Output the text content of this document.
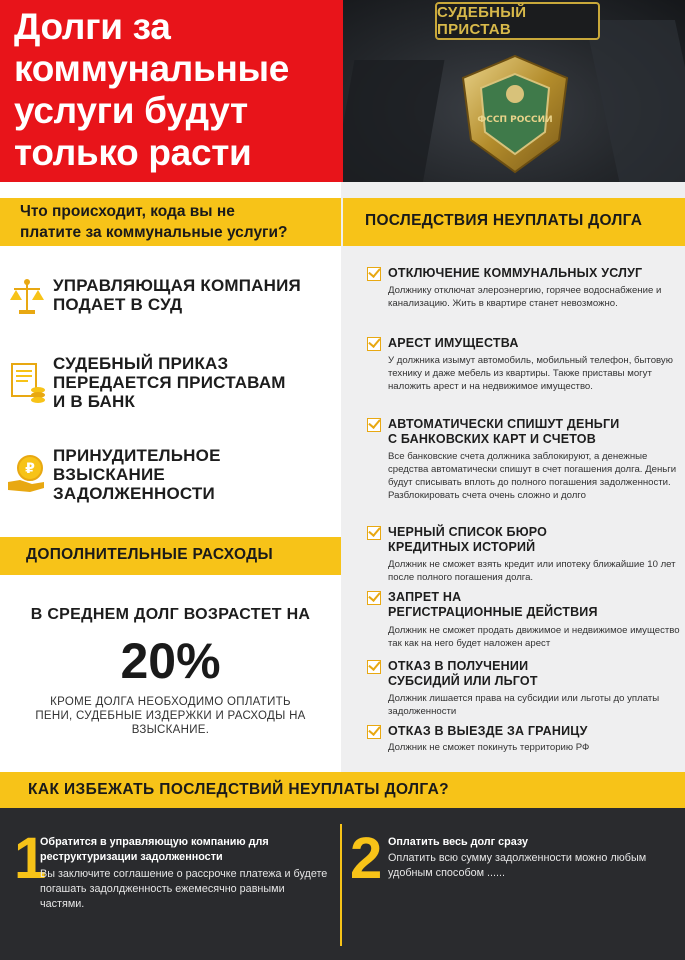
Долги за
коммунальные
услуги будут
только расти
СУДЕБНЫЙ ПРИСТАВ
ФССП РОССИИ
Что происходит, кода вы не
платите за коммунальные услуги?
УПРАВЛЯЮЩАЯ КОМПАНИЯ
ПОДАЕТ В СУД
СУДЕБНЫЙ ПРИКАЗ
ПЕРЕДАЕТСЯ ПРИСТАВАМ
И В БАНК
₽
ПРИНУДИТЕЛЬНОЕ
ВЗЫСКАНИЕ
ЗАДОЛЖЕННОСТИ
ДОПОЛНИТЕЛЬНЫЕ РАСХОДЫ
В СРЕДНЕМ ДОЛГ ВОЗРАСТЕТ НА
20%
КРОМЕ ДОЛГА НЕОБХОДИМО ОПЛАТИТЬ ПЕНИ, СУДЕБНЫЕ ИЗДЕРЖКИ И РАСХОДЫ НА ВЗЫСКАНИЕ.
ПОСЛЕДСТВИЯ НЕУПЛАТЫ ДОЛГА
ОТКЛЮЧЕНИЕ КОММУНАЛЬНЫХ УСЛУГ
Должнику отключат элероэнергию, горячее водоснабжение и канализацию. Жить в квартире станет невозможно.
АРЕСТ ИМУЩЕСТВА
У должника изымут автомобиль, мобильный телефон, бытовую технику и даже мебель из квартиры. Также приставы могут наложить арест и на недвижимое имущество.
АВТОМАТИЧЕСКИ СПИШУТ ДЕНЬГИ С БАНКОВСКИХ КАРТ И СЧЕТОВ
Все банковские счета должника заблокируют, а денежные средства автоматически спишут в счет погашения долга. Деньги будут списывать вплоть до полного погашения задолженности. Разблокировать счета очень сложно и долго
ЧЕРНЫЙ СПИСОК БЮРО КРЕДИТНЫХ ИСТОРИЙ
Должник не сможет взять кредит или ипотеку ближайшие 10 лет после полного погашения долга.
ЗАПРЕТ НА РЕГИСТРАЦИОННЫЕ ДЕЙСТВИЯ
Должник не сможет продать движимое и недвижимое имущество так как на него будет наложен арест
ОТКАЗ В ПОЛУЧЕНИИ СУБСИДИЙ ИЛИ ЛЬГОТ
Должник лишается права на субсидии или льготы до уплаты задолженности
ОТКАЗ В ВЫЕЗДЕ ЗА ГРАНИЦУ
Должник не сможет покинуть территорию РФ
КАК ИЗБЕЖАТЬ ПОСЛЕДСТВИЙ НЕУПЛАТЫ ДОЛГА?
1
Обратится в управляющую компанию для реструктуризации задолженности
Вы заключите соглашение о рассрочке платежа и будете погашать задолдженность ежемесячно равными частями.
2 Оплатить весь долг сразу
Оплатить всю сумму задолженности можно любым удобным способом ......
